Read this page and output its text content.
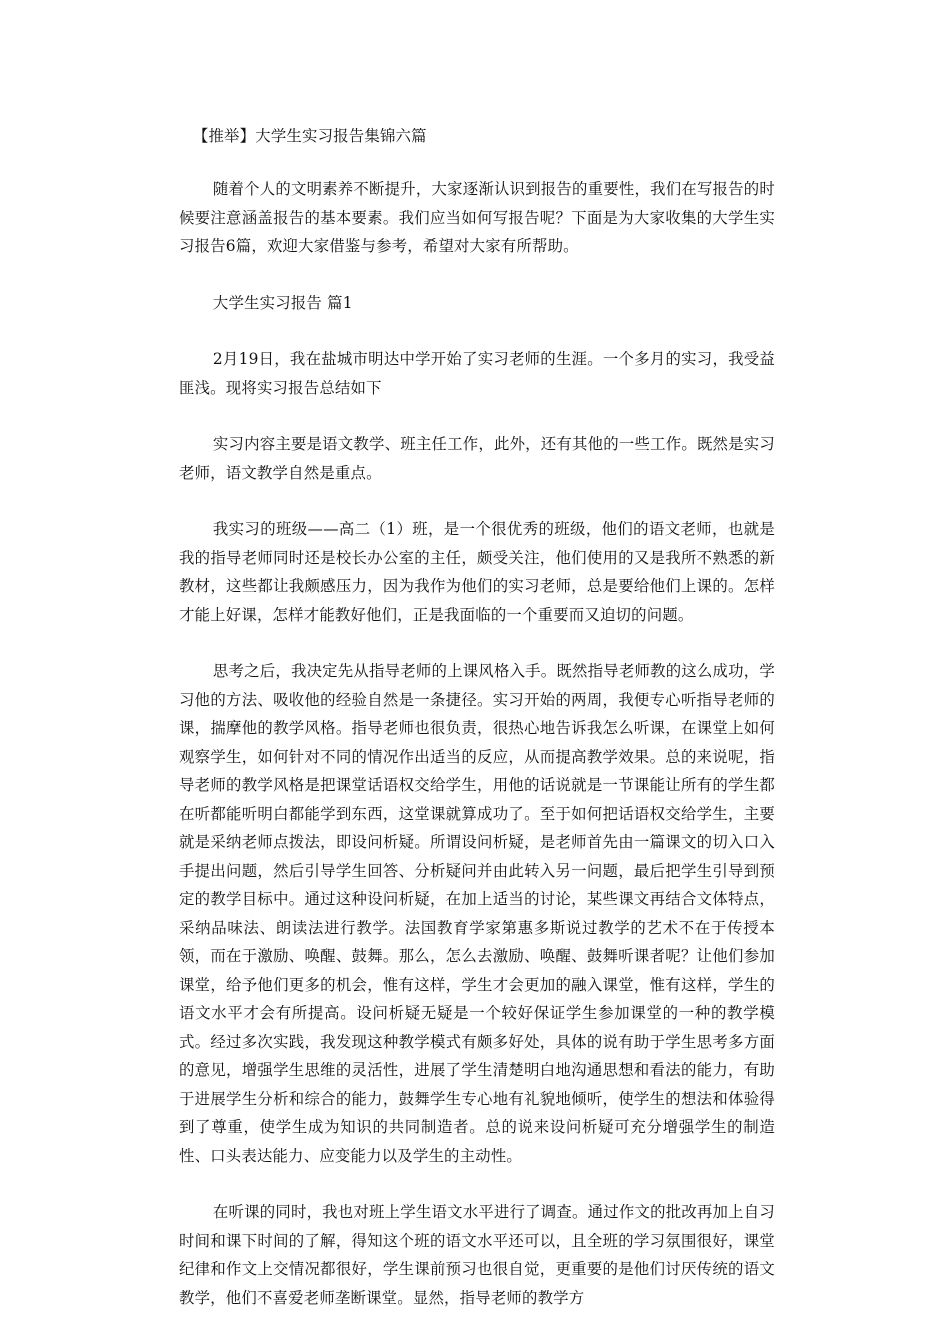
【推举】大学生实习报告集锦六篇

随着个人的文明素养不断提升，大家逐渐认识到报告的重要性，我们在写报告的时候要注意涵盖报告的基本要素。我们应当如何写报告呢？下面是为大家收集的大学生实习报告6篇，欢迎大家借鉴与参考，希望对大家有所帮助。

大学生实习报告 篇1

2月19日，我在盐城市明达中学开始了实习老师的生涯。一个多月的实习，我受益匪浅。现将实习报告总结如下

实习内容主要是语文教学、班主任工作，此外，还有其他的一些工作。既然是实习老师，语文教学自然是重点。

我实习的班级——高二（1）班，是一个很优秀的班级，他们的语文老师，也就是我的指导老师同时还是校长办公室的主任，颇受关注，他们使用的又是我所不熟悉的新教材，这些都让我颇感压力，因为我作为他们的实习老师，总是要给他们上课的。怎样才能上好课，怎样才能教好他们，正是我面临的一个重要而又迫切的问题。

思考之后，我决定先从指导老师的上课风格入手。既然指导老师教的这么成功，学习他的方法、吸收他的经验自然是一条捷径。实习开始的两周，我便专心听指导老师的课，揣摩他的教学风格。指导老师也很负责，很热心地告诉我怎么听课，在课堂上如何观察学生，如何针对不同的情况作出适当的反应，从而提高教学效果。总的来说呢，指导老师的教学风格是把课堂话语权交给学生，用他的话说就是一节课能让所有的学生都在听都能听明白都能学到东西，这堂课就算成功了。至于如何把话语权交给学生，主要就是采纳老师点拨法，即设问析疑。所谓设问析疑，是老师首先由一篇课文的切入口入手提出问题，然后引导学生回答、分析疑问并由此转入另一问题，最后把学生引导到预定的教学目标中。通过这种设问析疑，在加上适当的讨论，某些课文再结合文体特点，采纳品味法、朗读法进行教学。法国教育学家第惠多斯说过教学的艺术不在于传授本领，而在于激励、唤醒、鼓舞。那么，怎么去激励、唤醒、鼓舞听课者呢？让他们参加课堂，给予他们更多的机会，惟有这样，学生才会更加的融入课堂，惟有这样，学生的语文水平才会有所提高。设问析疑无疑是一个较好保证学生参加课堂的一种的教学模式。经过多次实践，我发现这种教学模式有颇多好处，具体的说有助于学生思考多方面的意见，增强学生思维的灵活性，进展了学生清楚明白地沟通思想和看法的能力，有助于进展学生分析和综合的能力，鼓舞学生专心地有礼貌地倾听，使学生的想法和体验得到了尊重，使学生成为知识的共同制造者。总的说来设问析疑可充分增强学生的制造性、口头表达能力、应变能力以及学生的主动性。

在听课的同时，我也对班上学生语文水平进行了调查。通过作文的批改再加上自习时间和课下时间的了解，得知这个班的语文水平还可以，且全班的学习氛围很好，课堂纪律和作文上交情况都很好，学生课前预习也很自觉，更重要的是他们讨厌传统的语文教学，他们不喜爱老师垄断课堂。显然，指导老师的教学方
